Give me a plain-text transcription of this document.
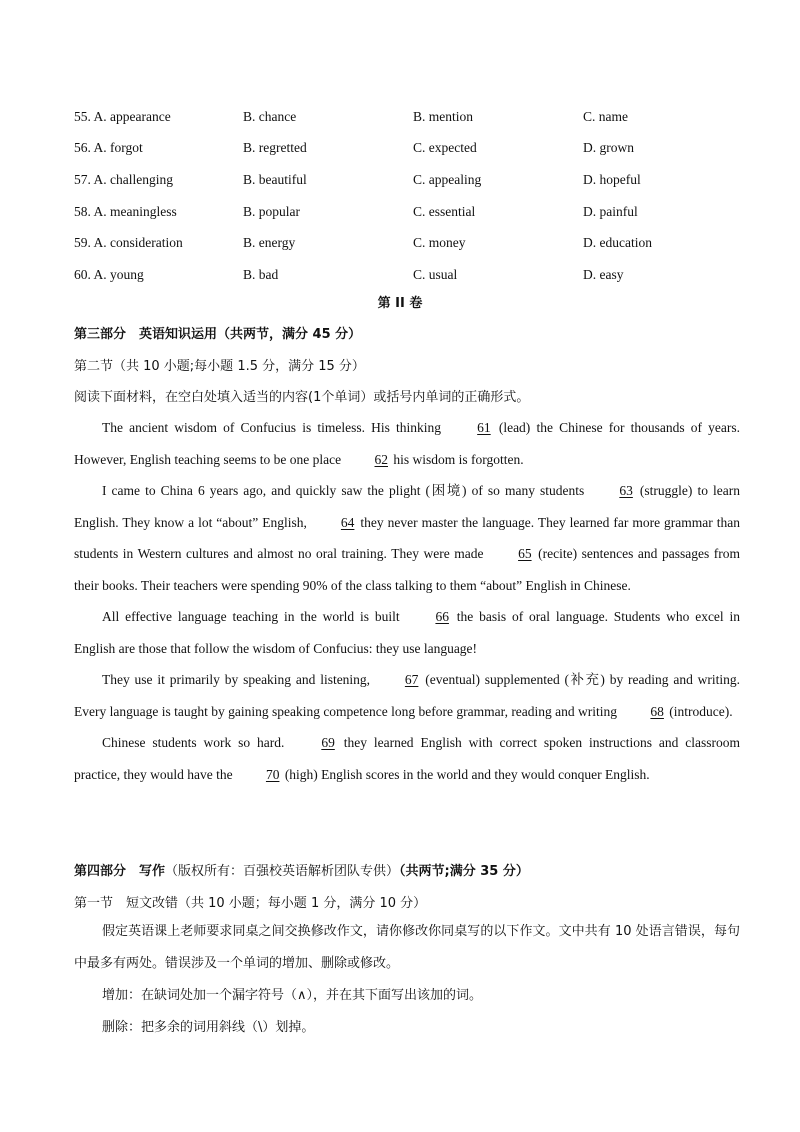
55. A. appearance	B. chance	B. mention	C. name
56. A. forgot	B. regretted	C. expected	D. grown
57. A. challenging	B. beautiful	C. appealing	D. hopeful
58. A. meaningless	B. popular	C. essential	D. painful
59. A. consideration	B. energy	C. money	D. education
60. A. young	B. bad	C. usual	D. easy
第 II 卷
第三部分　英语知识运用（共两节，满分 45 分）
第二节（共 10 小题;每小题 1.5 分，满分 15 分）
阅读下面材料，在空白处填入适当的内容(1个单词）或括号内单词的正确形式。

The ancient wisdom of Confucius is timeless. His thinking	61 (lead) the Chinese for thousands of years. However, English teaching seems to be one place 62 his wisdom is forgotten.

I came to China 6 years ago, and quickly saw the plight (困境) of so many students	63 (struggle) to learn English. They know a lot “about” English,	64 they never master the language. They learned far more grammar than students in Western cultures and almost no oral training. They were made	65 (recite) sentences and passages from their books. Their teachers were spending 90% of the class talking to them “about” English in Chinese.

All effective language teaching in the world is built	66 the basis of oral language. Students who excel in English are those that follow the wisdom of Confucius: they use language!

They use it primarily by speaking and listening,	67 (eventual) supplemented (补充) by reading and writing. Every language is taught by gaining speaking competence long before grammar, reading and writing 68 (introduce).

Chinese students work so hard.	69 they learned English with correct spoken instructions and classroom practice, they would have the 70 (high) English scores in the world and they would conquer English.

第四部分　写作（版权所有：百强校英语解析团队专供）（共两节;满分 35 分）
第一节　短文改错（共 10 小题；每小题 1 分，满分 10 分）

假定英语课上老师要求同桌之间交换修改作文，请你修改你同桌写的以下作文。文中共有 10 处语言错误，每句中最多有两处。错误涉及一个单词的增加、删除或修改。

增加：在缺词处加一个漏字符号（∧），并在其下面写出该加的词。

删除：把多余的词用斜线（\）划掉。
